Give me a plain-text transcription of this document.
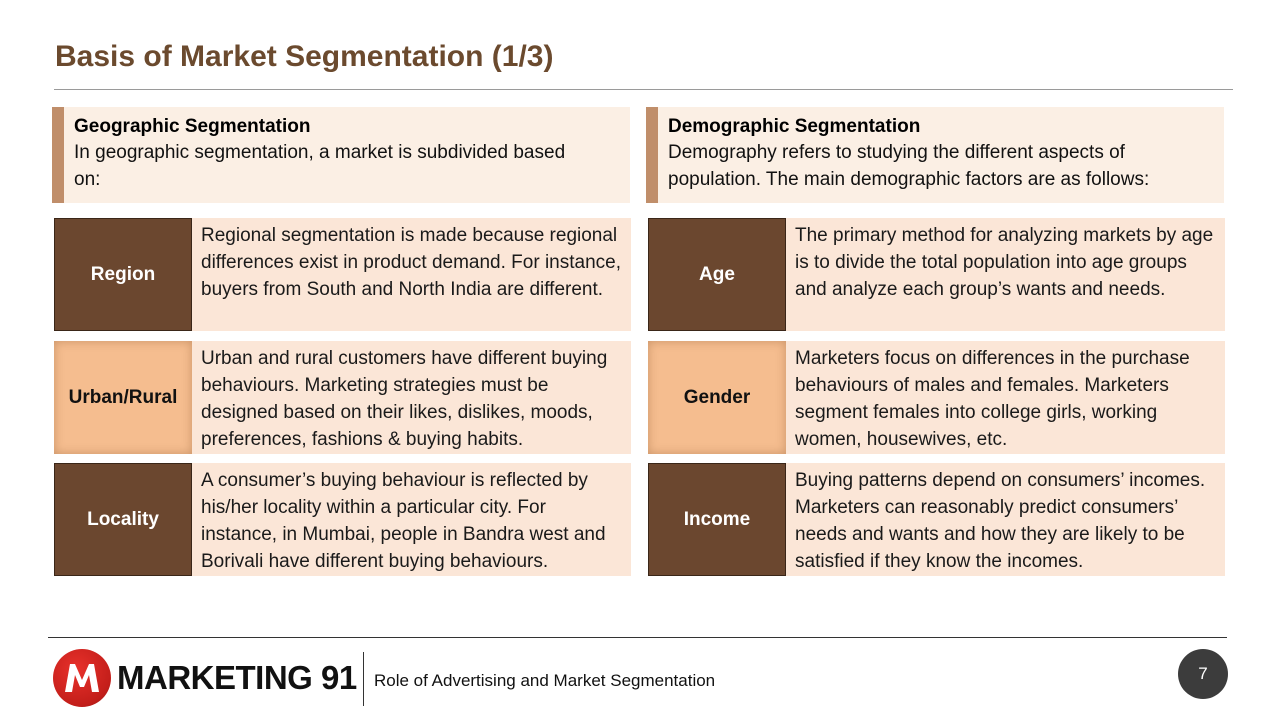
Basis of Market Segmentation (1/3)
Geographic Segmentation
In geographic segmentation, a market is subdivided based on:
Region
Regional segmentation is made because regional differences exist in product demand. For instance, buyers from South and North India are different.
Urban/Rural
Urban and rural customers have different buying behaviours. Marketing strategies must be designed based on their likes, dislikes, moods, preferences, fashions & buying habits.
Locality
A consumer’s buying behaviour is reflected by his/her locality within a particular city. For instance, in Mumbai, people in Bandra west and Borivali have different buying behaviours.
Demographic Segmentation
Demography refers to studying the different aspects of population. The main demographic factors are as follows:
Age
The primary method for analyzing markets by age is to divide the total population into age groups and analyze each group’s wants and needs.
Gender
Marketers focus on differences in the purchase behaviours of males and females. Marketers segment females into college girls, working women, housewives, etc.
Income
Buying patterns depend on consumers’ incomes. Marketers can reasonably predict consumers’ needs and wants and how they are likely to be satisfied if they know the incomes.
MARKETING 91 Role of Advertising and Market Segmentation	7
